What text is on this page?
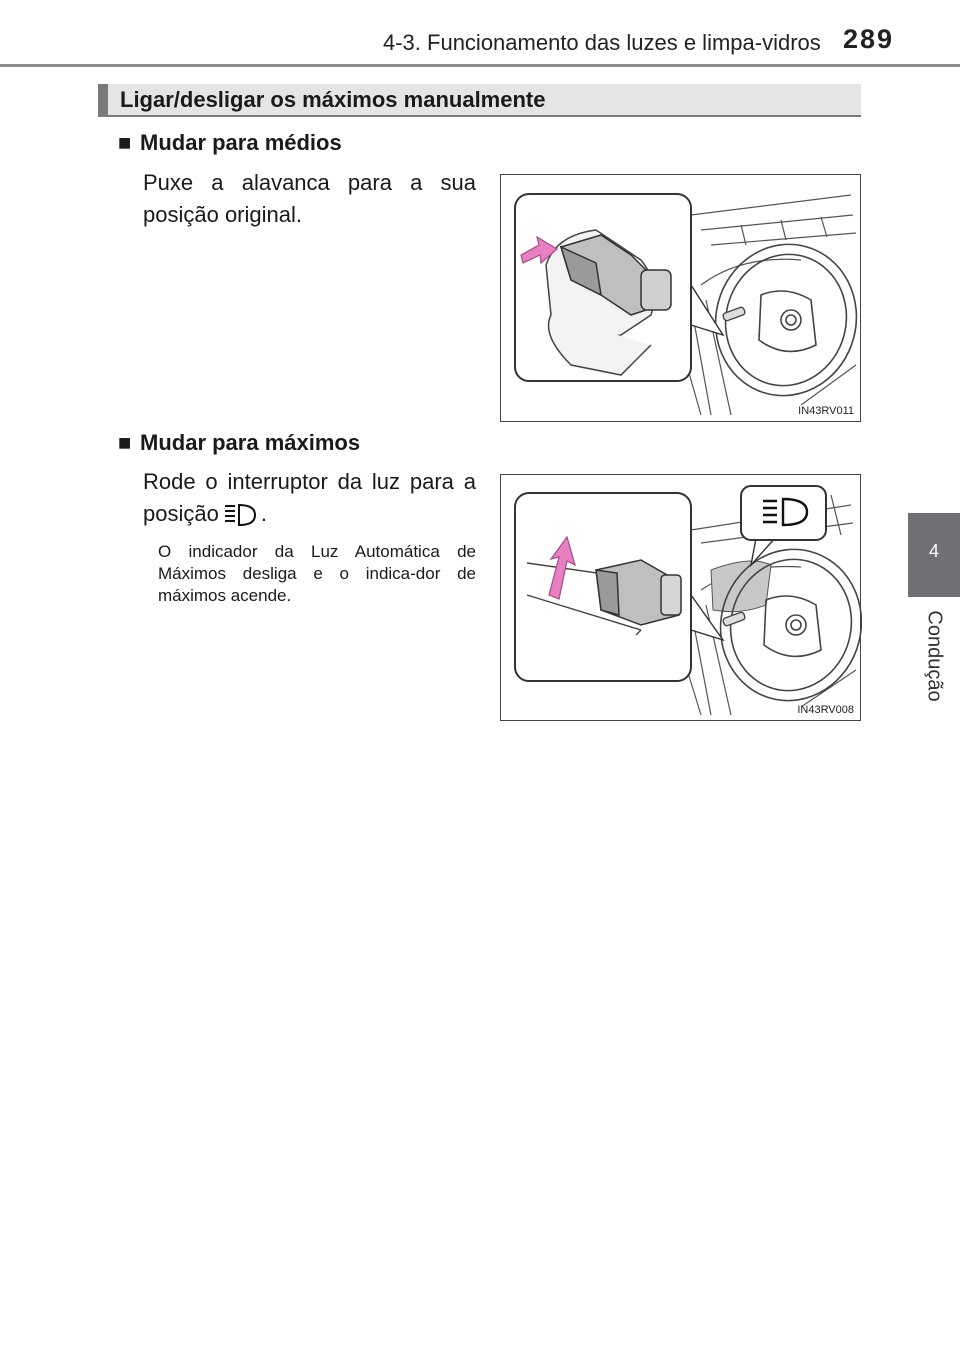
4-3. Funcionamento das luzes e limpa-vidros 289
4
Condução
Ligar/desligar os máximos manualmente
■ Mudar para médios
Puxe a alavanca para a sua
posição original.
IN43RV011
■ Mudar para máximos
Rode o interruptor da luz para a
posição .
O indicador da Luz Automática de Máximos desliga e o indica-dor de máximos acende.
IN43RV008
